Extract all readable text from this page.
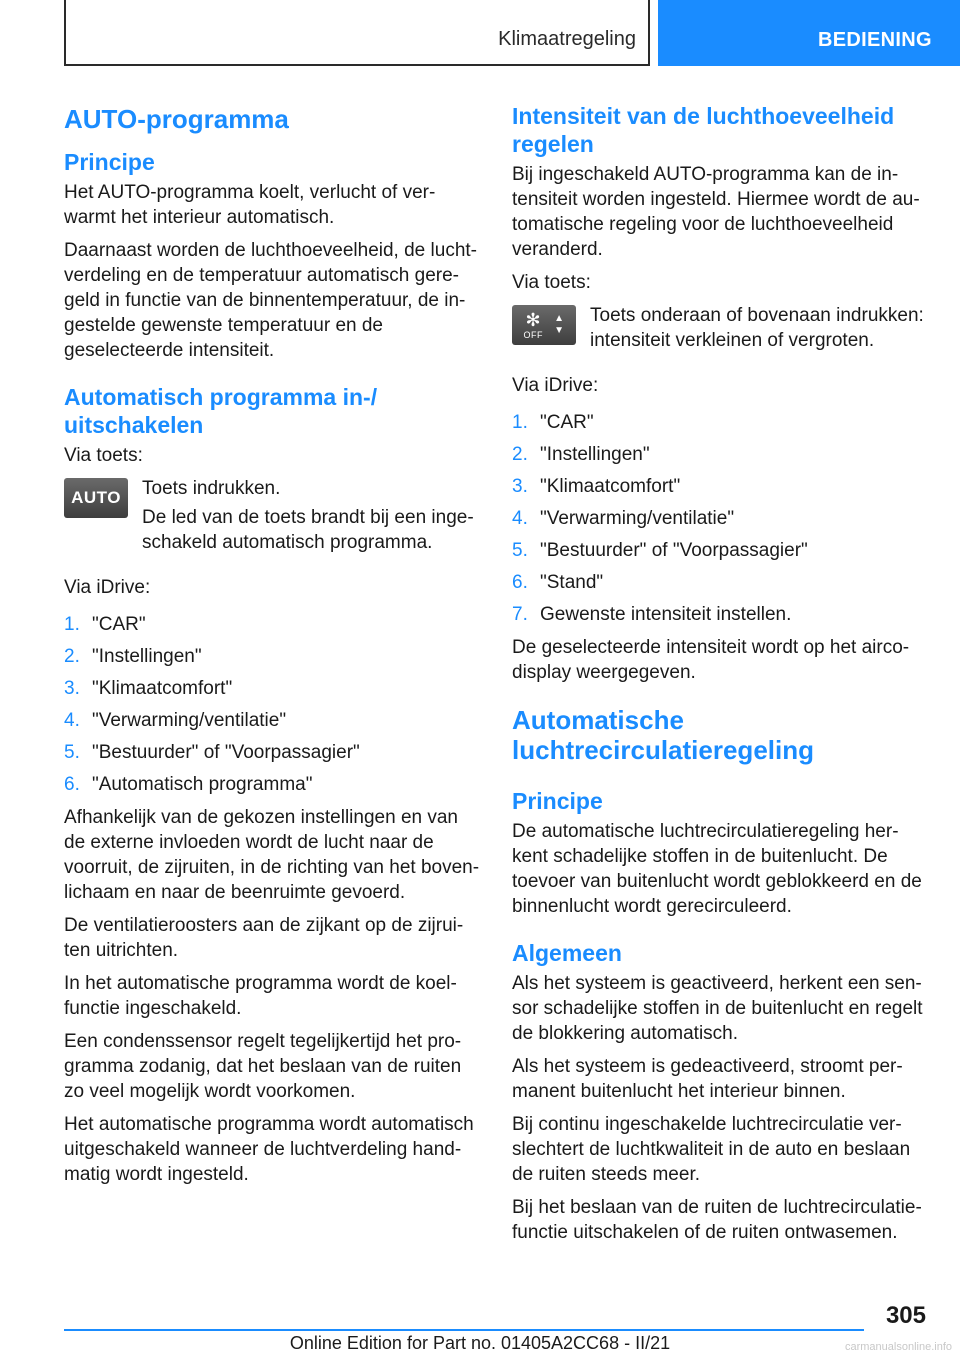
Klimaatregeling	BEDIENING
AUTO-programma
Principe

Het AUTO-programma koelt, verlucht of ver-warmt het interieur automatisch.

Daarnaast worden de luchthoeveelheid, de lucht-verdeling en de temperatuur automatisch gere-geld in functie van de binnentemperatuur, de in-gestelde gewenste temperatuur en de geselecteerde intensiteit.

Automatisch programma in-/ uitschakelen

Via toets:

AUTO	Toets indrukken.

De led van de toets brandt bij een inge-

schakeld automatisch programma.

Via iDrive:

1. "CAR"
2. "Instellingen"
3. "Klimaatcomfort"
4. "Verwarming/ventilatie"
5. "Bestuurder" of "Voorpassagier"
6. "Automatisch programma"

Afhankelijk van de gekozen instellingen en van de externe invloeden wordt de lucht naar de voorruit, de zijruiten, in de richting van het boven-lichaam en naar de beenruimte gevoerd.

De ventilatieroosters aan de zijkant op de zijrui-ten uitrichten.

In het automatische programma wordt de koel-functie ingeschakeld.

Een condenssensor regelt tegelijkertijd het pro-gramma zodanig, dat het beslaan van de ruiten zo veel mogelijk wordt voorkomen.

Het automatische programma wordt automatisch uitgeschakeld wanneer de luchtverdeling hand-matig wordt ingesteld.

Intensiteit van de luchthoeveelheid regelen

Bij ingeschakeld AUTO-programma kan de in-tensiteit worden ingesteld. Hiermee wordt de au-tomatische regeling voor de luchthoeveelheid veranderd.

Via toets:

✻
OFF
▲
▼

Toets onderaan of bovenaan indrukken: intensiteit verkleinen of vergroten.

Via iDrive:

1. "CAR"
2. "Instellingen"
3. "Klimaatcomfort"
4. "Verwarming/ventilatie"
5. "Bestuurder" of "Voorpassagier"
6. "Stand"
7. Gewenste intensiteit instellen.

De geselecteerde intensiteit wordt op het airco-display weergegeven.

Automatische luchtrecirculatieregeling
Principe

De automatische luchtrecirculatieregeling her-kent schadelijke stoffen in de buitenlucht. De toevoer van buitenlucht wordt geblokkeerd en de binnenlucht wordt gerecirculeerd.

Algemeen

Als het systeem is geactiveerd, herkent een sen-sor schadelijke stoffen in de buitenlucht en regelt de blokkering automatisch.

Als het systeem is gedeactiveerd, stroomt per-manent buitenlucht het interieur binnen.

Bij continu ingeschakelde luchtrecirculatie ver-slechtert de luchtkwaliteit in de auto en beslaan de ruiten steeds meer.

Bij het beslaan van de ruiten de luchtrecirculatie-functie uitschakelen of de ruiten ontwasemen.

305
Online Edition for Part no. 01405A2CC68 - II/21	carmanualsonline.info
